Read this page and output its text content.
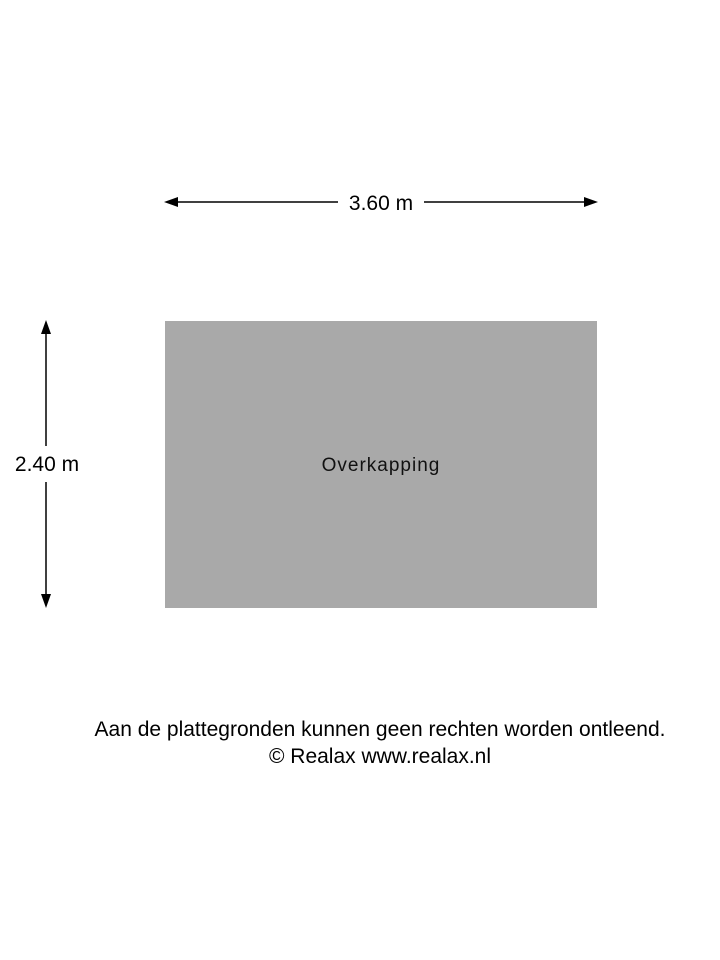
3.60 m
2.40 m	Overkapping
Aan de plattegronden kunnen geen rechten worden ontleend.
© Realax www.realax.nl
